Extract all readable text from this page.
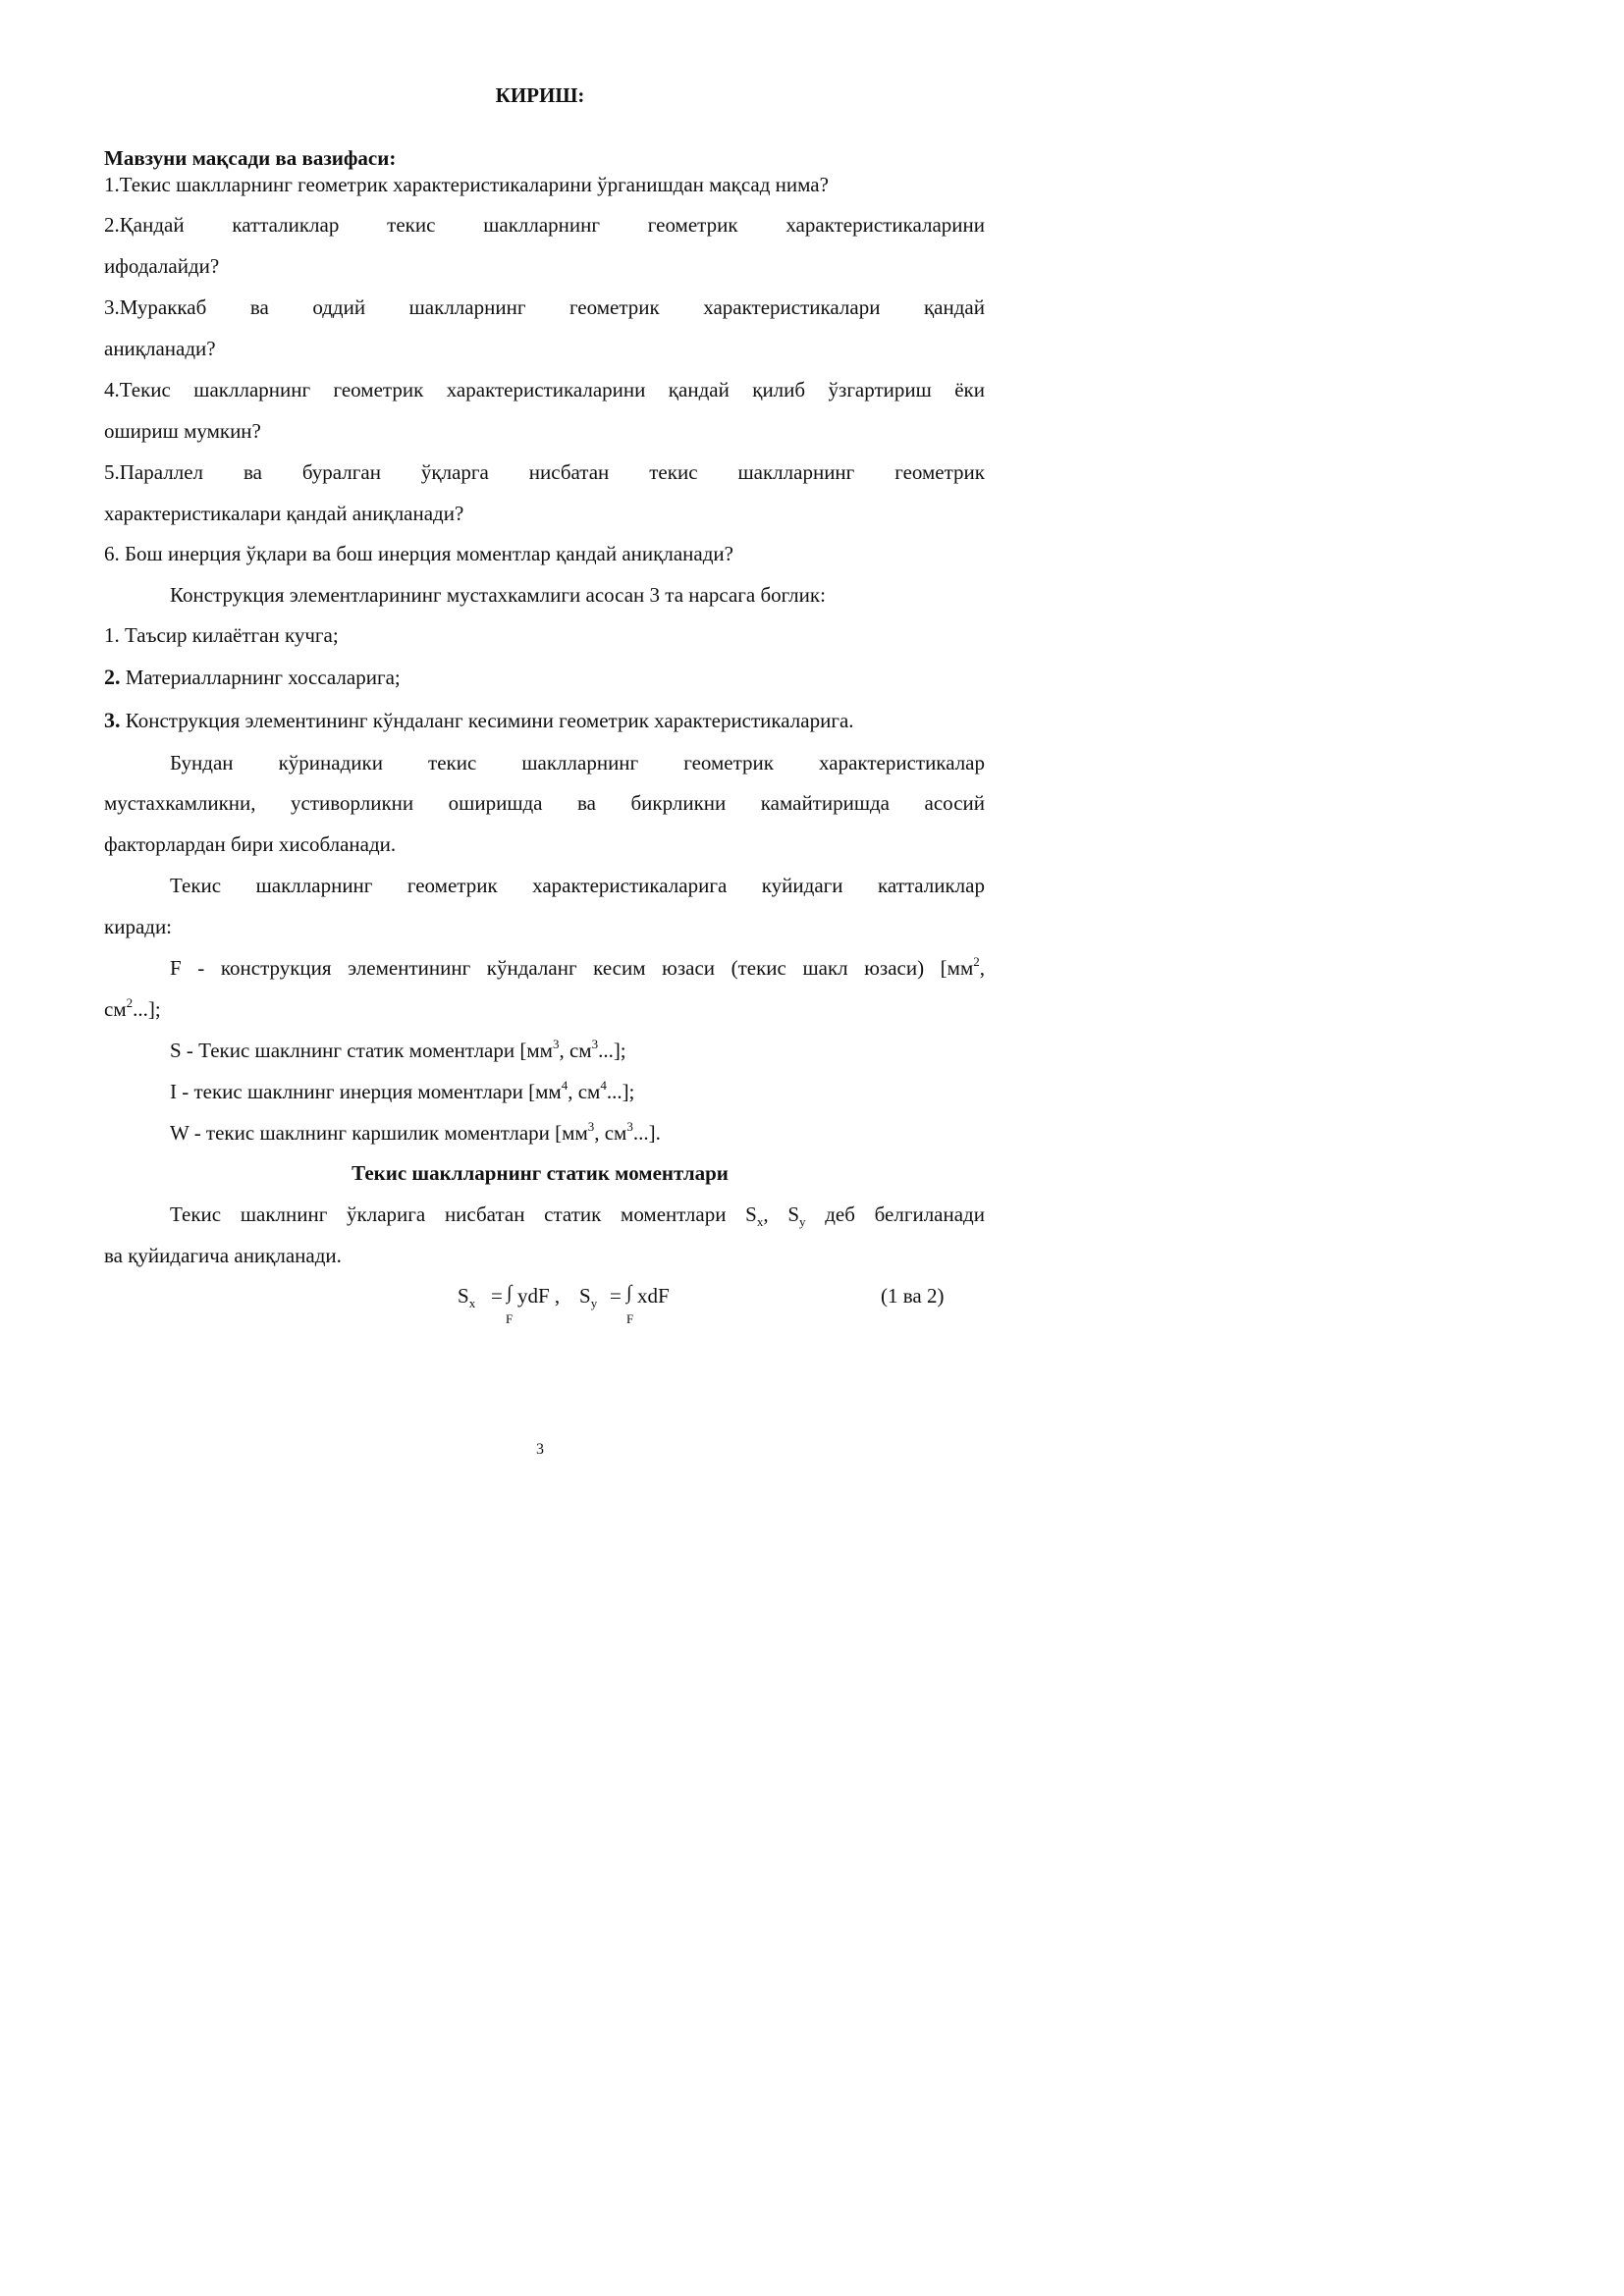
КИРИШ:
Мавзуни мақсади ва вазифаси:
1.Текис шаклларнинг геометрик характеристикаларини ўрганишдан мақсад нима?
2.Қандай катталиклар текис шаклларнинг геометрик характеристикаларини
ифодалайди?
3.Мураккаб ва оддий шаклларнинг геометрик характеристикалари қандай
аниқланади?
4.Текис шаклларнинг геометрик характеристикаларини қандай қилиб ўзгартириш ёки
ошириш мумкин?
5.Параллел ва буралган ўқларга нисбатан текис шаклларнинг геометрик
характеристикалари қандай аниқланади?
6. Бош инерция ўқлари ва бош инерция моментлар қандай аниқланади?
Конструкция элементларининг мустахкамлиги асосан 3 та нарсага боглик:
1. Таъсир килаётган кучга;
2. Материалларнинг хоссаларига;
3. Конструкция элементининг кўндаланг кесимини геометрик характеристикаларига.
Бундан кўринадики текис шаклларнинг геометрик характеристикалар
мустахкамликни, устиворликни оширишда ва бикрликни камайтиришда асосий
факторлардан бири хисобланади.
Текис шаклларнинг геометрик характеристикаларига куйидаги катталиклар
киради:
F - конструкция элементининг кўндаланг кесим юзаси (текис шакл юзаси) [$мм^2$,
$см^2$...];
S - Текис шаклнинг статик моментлари [$мм^3$, $см^3$...];
I - текис шаклнинг инерция моментлари [$мм^4$, $см^4$...];
W - текис шаклнинг каршилик моментлари [$мм^3$, $см^3$...].
Текис шаклларнинг статик моментлари
Текис шаклнинг ўкларига нисбатан статик моментлари $S_x$, $S_y$ деб белгиланади
ва қуйидагича аниқланади.
$S_x$ = ∫
F
ydF , $S_y$ = ∫
F
xdF	(1 ва 2)
3
